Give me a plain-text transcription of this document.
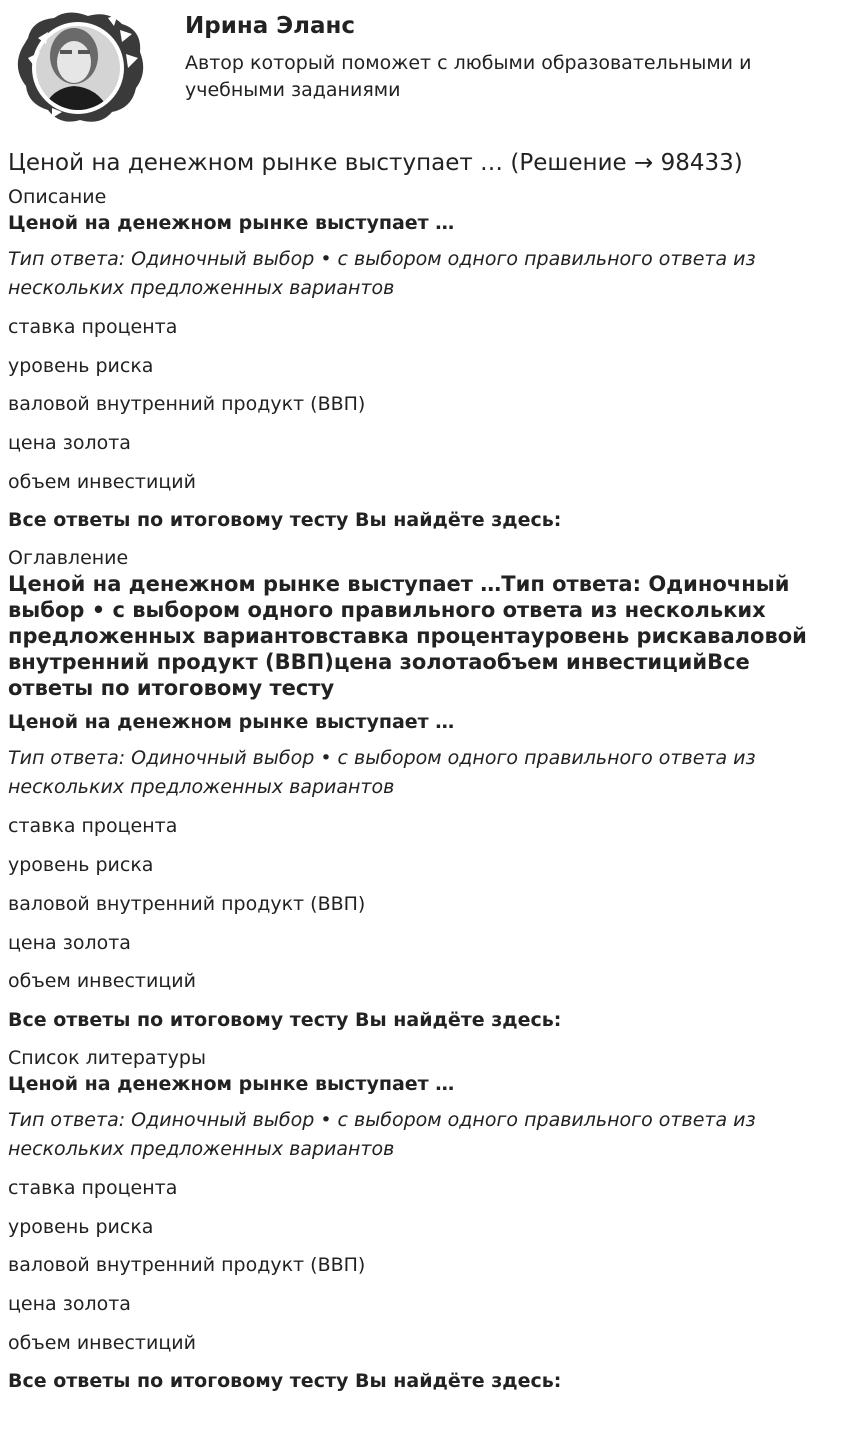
Ирина Эланс
Автор который поможет с любыми образовательными и учебными заданиями
Ценой на денежном рынке выступает … (Решение → 98433)
Описание
Ценой на денежном рынке выступает …
Тип ответа: Одиночный выбор • с выбором одного правильного ответа из нескольких предложенных вариантов
ставка процента
уровень риска
валовой внутренний продукт (ВВП)
цена золота
объем инвестиций
Все ответы по итоговому тесту Вы найдёте здесь:
Оглавление
Ценой на денежном рынке выступает …Тип ответа: Одиночный выбор • с выбором одного правильного ответа из нескольких предложенных вариантовставка процентауровень рискаваловой внутренний продукт (ВВП)цена золотаобъем инвестицийВсе ответы по итоговому тесту
Ценой на денежном рынке выступает …
Тип ответа: Одиночный выбор • с выбором одного правильного ответа из нескольких предложенных вариантов
ставка процента
уровень риска
валовой внутренний продукт (ВВП)
цена золота
объем инвестиций
Все ответы по итоговому тесту Вы найдёте здесь:
Список литературы
Ценой на денежном рынке выступает …
Тип ответа: Одиночный выбор • с выбором одного правильного ответа из нескольких предложенных вариантов
ставка процента
уровень риска
валовой внутренний продукт (ВВП)
цена золота
объем инвестиций
Все ответы по итоговому тесту Вы найдёте здесь:
